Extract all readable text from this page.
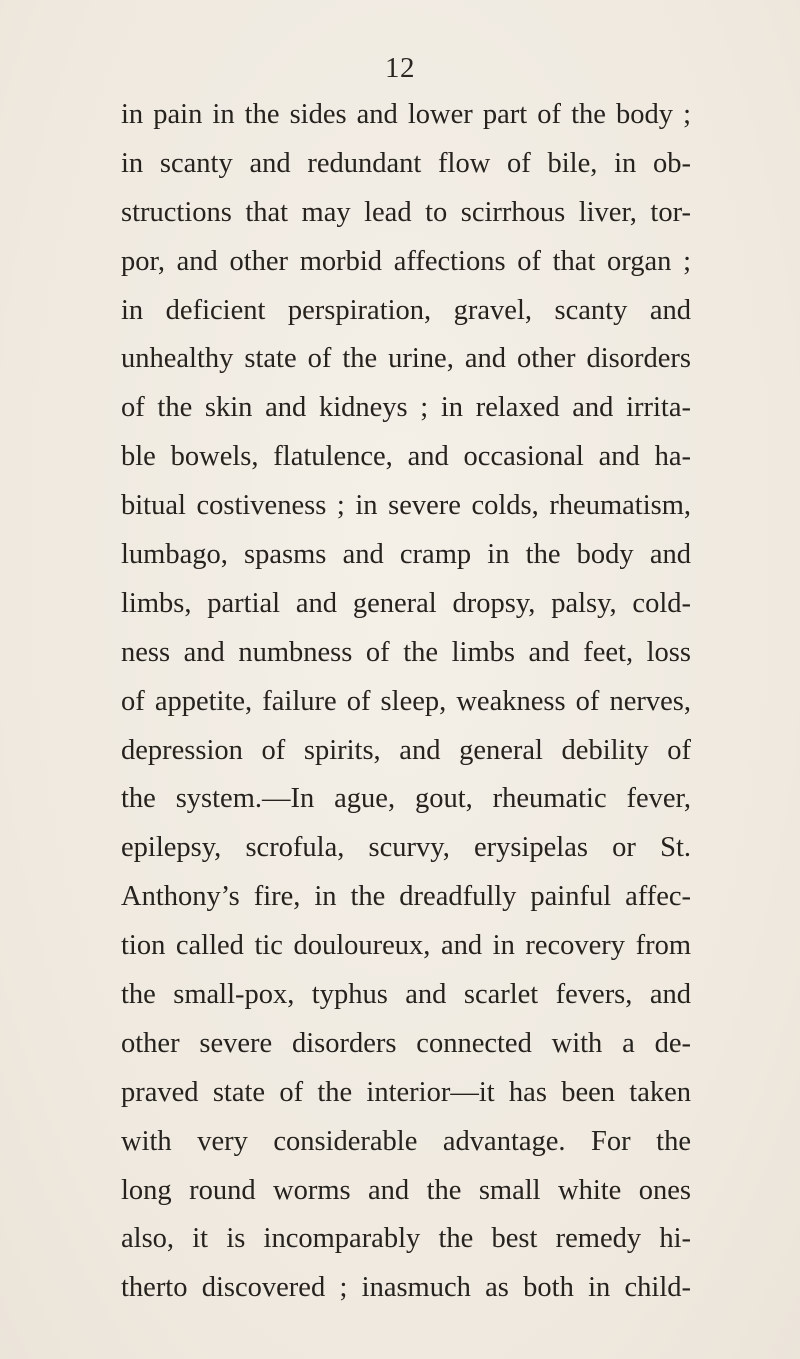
12
in pain in the sides and lower part of the body ;
in scanty and redundant flow of bile, in ob-
structions that may lead to scirrhous liver, tor-
por, and other morbid affections of that organ ;
in deficient perspiration, gravel, scanty and
unhealthy state of the urine, and other disorders
of the skin and kidneys ; in relaxed and irrita-
ble bowels, flatulence, and occasional and ha-
bitual costiveness ; in severe colds, rheumatism,
lumbago, spasms and cramp in the body and
limbs, partial and general dropsy, palsy, cold-
ness and numbness of the limbs and feet, loss
of appetite, failure of sleep, weakness of nerves,
depression of spirits, and general debility of
the system.—In ague, gout, rheumatic fever,
epilepsy, scrofula, scurvy, erysipelas or St.
Anthony’s fire, in the dreadfully painful affec-
tion called tic douloureux, and in recovery from
the small-pox, typhus and scarlet fevers, and
other severe disorders connected with a de-
praved state of the interior—it has been taken
with very considerable advantage. For the
long round worms and the small white ones
also, it is incomparably the best remedy hi-
therto discovered ; inasmuch as both in child-
